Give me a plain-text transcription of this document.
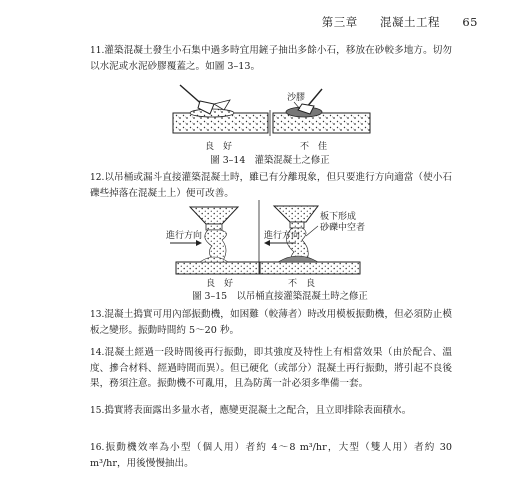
第三章 混凝土工程 65

11.灌築混凝土發生小石集中過多時宜用鏟子抽出多餘小石，移放在砂較多地方。切勿以水泥或水泥砂膠覆蓋之。如圖 3–13。

沙膠
良　好	不　佳
圖 3–14　灌築混凝土之修正

12.以吊桶或漏斗直接灌築混凝土時，雖已有分離現象，但只要進行方向適當（使小石礫些掉落在混凝土上）便可改善。

進行方向	進行方向
板下形成
砂礫中空者
良　好	不　良
圖 3–15　以吊桶直接灌築混凝土時之修正

13.混凝土搗實可用內部振動機，如困難（較薄者）時改用模板振動機，但必須防止模板之變形。振動時間約 5～20 秒。

14.混凝土經過一段時間後再行振動，即其強度及特性上有相當效果（由於配合、溫度、摻合材料、經過時間而異）。但已硬化（或部分）混凝土再行振動，將引起不良後果，務須注意。振動機不可亂用，且為防萬一計必須多準備一套。

15.搗實將表面露出多量水者，應變更混凝土之配合，且立即排除表面積水。

16.振動機效率為小型（個人用）者約 4～8 m³/hr，大型（雙人用）者約 30 m³/hr，用後慢慢抽出。
